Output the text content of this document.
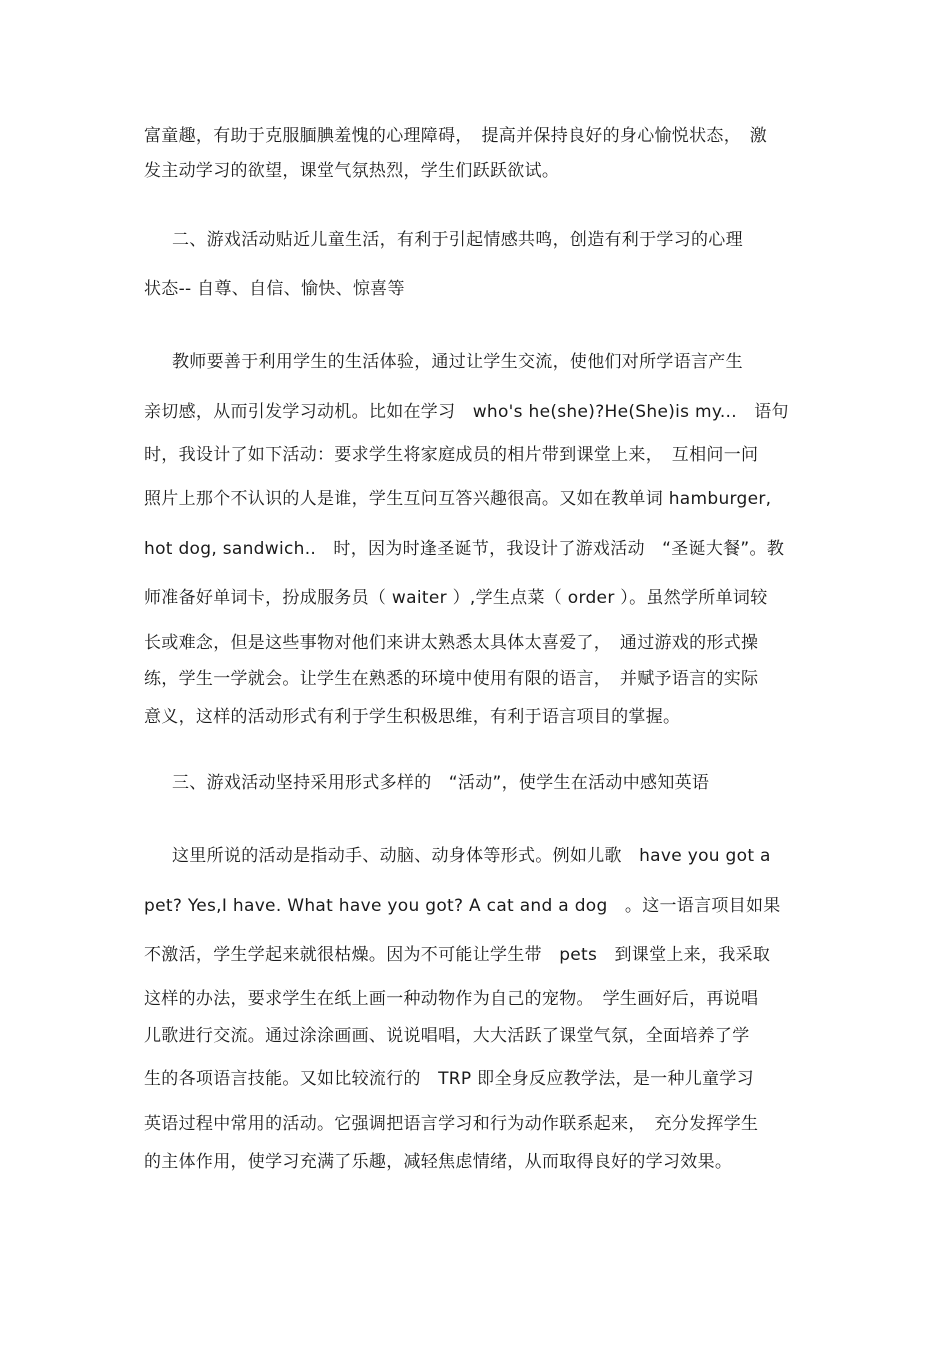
富童趣，有助于克服腼腆羞愧的心理障碍，　提高并保持良好的身心愉悦状态，　激
发主动学习的欲望，课堂气氛热烈，学生们跃跃欲试。
二、游戏活动贴近儿童生活，有利于引起情感共鸣，创造有利于学习的心理
状态-- 自尊、自信、愉快、惊喜等
教师要善于利用学生的生活体验，通过让学生交流，使他们对所学语言产生
亲切感，从而引发学习动机。比如在学习　who's he(she)?He(She)is my...　语句
时，我设计了如下活动：要求学生将家庭成员的相片带到课堂上来，　互相问一问
照片上那个不认识的人是谁，学生互问互答兴趣很高。又如在教单词 hamburger,
hot dog, sandwich..　时，因为时逢圣诞节，我设计了游戏活动　“圣诞大餐”。教
师准备好单词卡，扮成服务员（ waiter ）,学生点菜（ order ）。虽然学所单词较
长或难念，但是这些事物对他们来讲太熟悉太具体太喜爱了，　通过游戏的形式操
练，学生一学就会。让学生在熟悉的环境中使用有限的语言，　并赋予语言的实际
意义，这样的活动形式有利于学生积极思维，有利于语言项目的掌握。
三、游戏活动坚持采用形式多样的　“活动”，使学生在活动中感知英语
这里所说的活动是指动手、动脑、动身体等形式。例如儿歌　have you got a
pet? Yes,I have. What have you got? A cat and a dog　。这一语言项目如果
不激活，学生学起来就很枯燥。因为不可能让学生带　pets　到课堂上来，我采取
这样的办法，要求学生在纸上画一种动物作为自己的宠物。　学生画好后，再说唱
儿歌进行交流。通过涂涂画画、说说唱唱，大大活跃了课堂气氛，全面培养了学
生的各项语言技能。又如比较流行的　TRP 即全身反应教学法，是一种儿童学习
英语过程中常用的活动。它强调把语言学习和行为动作联系起来，　充分发挥学生
的主体作用，使学习充满了乐趣，减轻焦虑情绪，从而取得良好的学习效果。
